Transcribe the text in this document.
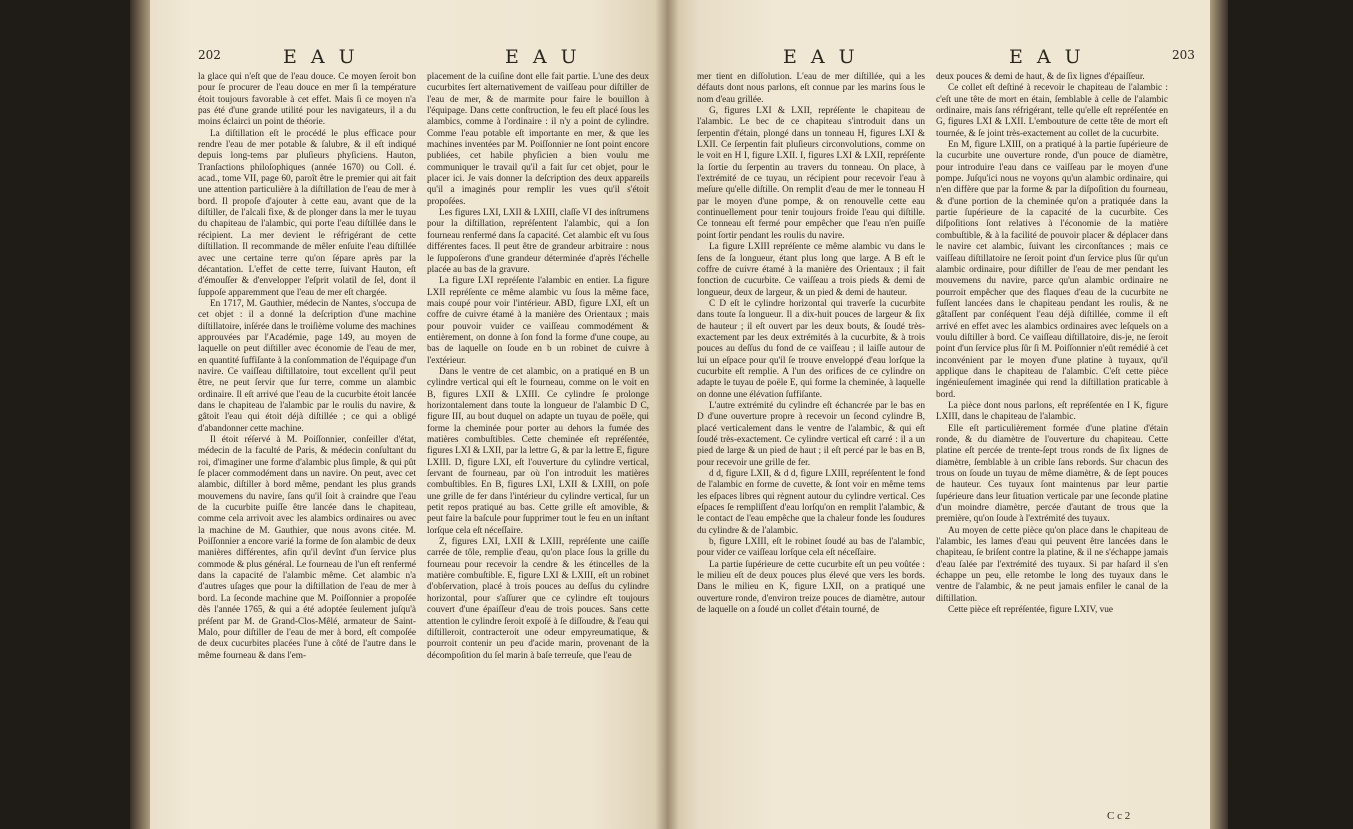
202	E A U	E A U

la glace qui n'eſt que de l'eau douce. Ce moyen ſeroit bon pour ſe procurer de l'eau douce en mer ſi la température étoit toujours favorable à cet effet. Mais ſi ce moyen n'a pas été d'une grande utilité pour les navigateurs, il a du moins éclairci un point de théorie.

La diſtillation eſt le procédé le plus efficace pour rendre l'eau de mer potable & ſalubre, & il eſt indiqué depuis long-tems par pluſieurs phyſiciens. Hauton, Tranſactions philoſophiques (année 1670) ou Coll. é. acad., tome VII, page 60, paroît être le premier qui ait fait une attention particulière à la diſtillation de l'eau de mer à bord. Il propoſe d'ajouter à cette eau, avant que de la diſtiller, de l'alcali fixe, & de plonger dans la mer le tuyau du chapiteau de l'alambic, qui porte l'eau diſtillée dans le récipient. La mer devient le réfrigérant de cette diſtillation. Il recommande de mêler enſuite l'eau diſtillée avec une certaine terre qu'on ſépare après par la décantation. L'effet de cette terre, ſuivant Hauton, eſt d'émouſſer & d'envelopper l'eſprit volatil de ſel, dont il ſuppoſe apparemment que l'eau de mer eſt chargée.

En 1717, M. Gauthier, médecin de Nantes, s'occupa de cet objet : il a donné la deſcription d'une machine diſtillatoire, inſérée dans le troiſième volume des machines approuvées par l'Académie, page 149, au moyen de laquelle on peut diſtiller avec économie de l'eau de mer, en quantité ſuffiſante à la conſommation de l'équipage d'un navire. Ce vaiſſeau diſtillatoire, tout excellent qu'il peut être, ne peut ſervir que ſur terre, comme un alambic ordinaire. Il eſt arrivé que l'eau de la cucurbite étoit lancée dans le chapiteau de l'alambic par le roulis du navire, & gâtoit l'eau qui étoit déjà diſtillée ; ce qui a obligé d'abandonner cette machine.

Il étoit réſervé à M. Poiſſonnier, conſeiller d'état, médecin de la faculté de Paris, & médecin conſultant du roi, d'imaginer une forme d'alambic plus ſimple, & qui pût ſe placer commodément dans un navire. On peut, avec cet alambic, diſtiller à bord même, pendant les plus grands mouvemens du navire, ſans qu'il ſoit à craindre que l'eau de la cucurbite puiſſe être lancée dans le chapiteau, comme cela arrivoit avec les alambics ordinaires ou avec la machine de M. Gauthier, que nous avons citée. M. Poiſſonnier a encore varié la forme de ſon alambic de deux manières différentes, afin qu'il devînt d'un ſervice plus commode & plus général. Le fourneau de l'un eſt renfermé dans la capacité de l'alambic même. Cet alambic n'a d'autres uſages que pour la diſtillation de l'eau de mer à bord. La ſeconde machine que M. Poiſſonnier a propoſée dès l'année 1765, & qui a été adoptée ſeulement juſqu'à préſent par M. de Grand-Clos-Mêlé, armateur de Saint-Malo, pour diſtiller de l'eau de mer à bord, eſt compoſée de deux cucurbites placées l'une à côté de l'autre dans le même fourneau & dans l'em-

placement de la cuiſine dont elle fait partie. L'une des deux cucurbites ſert alternativement de vaiſſeau pour diſtiller de l'eau de mer, & de marmite pour faire le bouillon à l'équipage. Dans cette conſtruction, le feu eſt placé ſous les alambics, comme à l'ordinaire : il n'y a point de cylindre. Comme l'eau potable eſt importante en mer, & que les machines inventées par M. Poiſſonnier ne ſont point encore publiées, cet habile phyſicien a bien voulu me communiquer le travail qu'il a fait ſur cet objet, pour le placer ici. Je vais donner la deſcription des deux appareils qu'il a imaginés pour remplir les vues qu'il s'étoit propoſées.

Les figures LXI, LXII & LXIII, claſſe VI des inſtrumens pour la diſtillation, repréſentent l'alambic, qui a ſon fourneau renfermé dans ſa capacité. Cet alambic eſt vu ſous différentes faces. Il peut être de grandeur arbitraire : nous le ſuppoſerons d'une grandeur déterminée d'après l'échelle placée au bas de la gravure.

La figure LXI repréſente l'alambic en entier. La figure LXII repréſente ce même alambic vu ſous la même face, mais coupé pour voir l'intérieur. ABD, figure LXI, eſt un coffre de cuivre étamé à la manière des Orientaux ; mais pour pouvoir vuider ce vaiſſeau commodément & entièrement, on donne à ſon fond la forme d'une coupe, au bas de laquelle on ſoude en b un robinet de cuivre à l'extérieur.

Dans le ventre de cet alambic, on a pratiqué en B un cylindre vertical qui eſt le fourneau, comme on le voit en B, figures LXII & LXIII. Ce cylindre ſe prolonge horizontalement dans toute la longueur de l'alambic D C, figure III, au bout duquel on adapte un tuyau de poële, qui forme la cheminée pour porter au dehors la fumée des matières combuſtibles. Cette cheminée eſt repréſentée, figures LXI & LXII, par la lettre G, & par la lettre E, figure LXIII. D, figure LXI, eſt l'ouverture du cylindre vertical, ſervant de fourneau, par où l'on introduit les matières combuſtibles. En B, figures LXI, LXII & LXIII, on poſe une grille de fer dans l'intérieur du cylindre vertical, ſur un petit repos pratiqué au bas. Cette grille eſt amovible, & peut faire la baſcule pour ſupprimer tout le feu en un inſtant lorſque cela eſt néceſſaire.

Z, figures LXI, LXII & LXIII, repréſente une caiſſe carrée de tôle, remplie d'eau, qu'on place ſous la grille du fourneau pour recevoir la cendre & les étincelles de la matière combuſtible. E, figure LXI & LXIII, eſt un robinet d'obſervation, placé à trois pouces au deſſus du cylindre horizontal, pour s'aſſurer que ce cylindre eſt toujours couvert d'une épaiſſeur d'eau de trois pouces. Sans cette attention le cylindre ſeroit expoſé à ſe diſſoudre, & l'eau qui diſtilleroit, contracteroit une odeur empyreumatique, & pourroit contenir un peu d'acide marin, provenant de la décompoſition du ſel marin à baſe terreuſe, que l'eau de

E A U	E A U	203

mer tient en diſſolution. L'eau de mer diſtillée, qui a les défauts dont nous parlons, eſt connue par les marins ſous le nom d'eau grillée.

G, figures LXI & LXII, repréſente le chapiteau de l'alambic. Le bec de ce chapiteau s'introduit dans un ſerpentin d'étain, plongé dans un tonneau H, figures LXI & LXII. Ce ſerpentin fait pluſieurs circonvolutions, comme on le voit en H I, figure LXII. I, figures LXI & LXII, repréſente la ſortie du ſerpentin au travers du tonneau. On place, à l'extrémité de ce tuyau, un récipient pour recevoir l'eau à meſure qu'elle diſtille. On remplit d'eau de mer le tonneau H par le moyen d'une pompe, & on renouvelle cette eau continuellement pour tenir toujours froide l'eau qui diſtille. Ce tonneau eſt fermé pour empêcher que l'eau n'en puiſſe point ſortir pendant les roulis du navire.

La figure LXIII repréſente ce même alambic vu dans le ſens de ſa longueur, étant plus long que large. A B eſt le coffre de cuivre étamé à la manière des Orientaux ; il fait fonction de cucurbite. Ce vaiſſeau a trois pieds & demi de longueur, deux de largeur, & un pied & demi de hauteur.

C D eſt le cylindre horizontal qui traverſe la cucurbite dans toute ſa longueur. Il a dix-huit pouces de largeur & ſix de hauteur ; il eſt ouvert par les deux bouts, & ſoudé très-exactement par les deux extrémités à la cucurbite, & à trois pouces au deſſus du fond de ce vaiſſeau ; il laiſſe autour de lui un eſpace pour qu'il ſe trouve enveloppé d'eau lorſque la cucurbite eſt remplie. A l'un des orifices de ce cylindre on adapte le tuyau de poële E, qui forme la cheminée, à laquelle on donne une élévation ſuffiſante.

L'autre extrémité du cylindre eſt échancrée par le bas en D d'une ouverture propre à recevoir un ſecond cylindre B, placé verticalement dans le ventre de l'alambic, & qui eſt ſoudé très-exactement. Ce cylindre vertical eſt carré : il a un pied de large & un pied de haut ; il eſt percé par le bas en B, pour recevoir une grille de fer.

d d, figure LXII, & d d, figure LXIII, repréſentent le fond de l'alambic en forme de cuvette, & ſont voir en même tems les eſpaces libres qui règnent autour du cylindre vertical. Ces eſpaces ſe rempliſſent d'eau lorſqu'on en remplit l'alambic, & le contact de l'eau empêche que la chaleur fonde les ſoudures du cylindre & de l'alambic.

b, figure LXIII, eſt le robinet ſoudé au bas de l'alambic, pour vider ce vaiſſeau lorſque cela eſt néceſſaire.

La partie ſupérieure de cette cucurbite eſt un peu voûtée : le milieu eſt de deux pouces plus élevé que vers les bords. Dans le milieu en K, figure LXII, on a pratiqué une ouverture ronde, d'environ treize pouces de diamètre, autour de laquelle on a ſoudé un collet d'étain tourné, de

deux pouces & demi de haut, & de ſix lignes d'épaiſſeur.

Ce collet eſt deſtiné à recevoir le chapiteau de l'alambic : c'eſt une tête de mort en étain, ſemblable à celle de l'alambic ordinaire, mais ſans réfrigérant, telle qu'elle eſt repréſentée en G, figures LXI & LXII. L'embouture de cette tête de mort eſt tournée, & ſe joint très-exactement au collet de la cucurbite.

En M, figure LXIII, on a pratiqué à la partie ſupérieure de la cucurbite une ouverture ronde, d'un pouce de diamètre, pour introduire l'eau dans ce vaiſſeau par le moyen d'une pompe. Juſqu'ici nous ne voyons qu'un alambic ordinaire, qui n'en diffère que par la forme & par la diſpoſition du fourneau, & d'une portion de la cheminée qu'on a pratiquée dans la partie ſupérieure de la capacité de la cucurbite. Ces diſpoſitions ſont relatives à l'économie de la matière combuſtible, & à la facilité de pouvoir placer & déplacer dans le navire cet alambic, ſuivant les circonſtances ; mais ce vaiſſeau diſtillatoire ne ſeroit point d'un ſervice plus ſûr qu'un alambic ordinaire, pour diſtiller de l'eau de mer pendant les mouvemens du navire, parce qu'un alambic ordinaire ne pourroit empêcher que des flaques d'eau de la cucurbite ne fuſſent lancées dans le chapiteau pendant les roulis, & ne gâtaſſent par conſéquent l'eau déjà diſtillée, comme il eſt arrivé en effet avec les alambics ordinaires avec leſquels on a voulu diſtiller à bord. Ce vaiſſeau diſtillatoire, dis-je, ne ſeroit point d'un ſervice plus ſûr ſi M. Poiſſonnier n'eût remédié à cet inconvénient par le moyen d'une platine à tuyaux, qu'il applique dans le chapiteau de l'alambic. C'eſt cette pièce ingénieuſement imaginée qui rend la diſtillation praticable à bord.

La pièce dont nous parlons, eſt repréſentée en I K, figure LXIII, dans le chapiteau de l'alambic.

Elle eſt particulièrement formée d'une platine d'étain ronde, & du diamètre de l'ouverture du chapiteau. Cette platine eſt percée de trente-ſept trous ronds de ſix lignes de diamètre, ſemblable à un crible ſans rebords. Sur chacun des trous on ſoude un tuyau de même diamètre, & de ſept pouces de hauteur. Ces tuyaux ſont maintenus par leur partie ſupérieure dans leur ſituation verticale par une ſeconde platine d'un moindre diamètre, percée d'autant de trous que la première, qu'on ſoude à l'extrémité des tuyaux.

Au moyen de cette pièce qu'on place dans le chapiteau de l'alambic, les lames d'eau qui peuvent être lancées dans le chapiteau, ſe briſent contre la platine, & il ne s'échappe jamais d'eau ſalée par l'extrémité des tuyaux. Si par haſard il s'en échappe un peu, elle retombe le long des tuyaux dans le ventre de l'alambic, & ne peut jamais enfiler le canal de la diſtillation.

Cette pièce eſt repréſentée, figure LXIV, vue

C c 2
